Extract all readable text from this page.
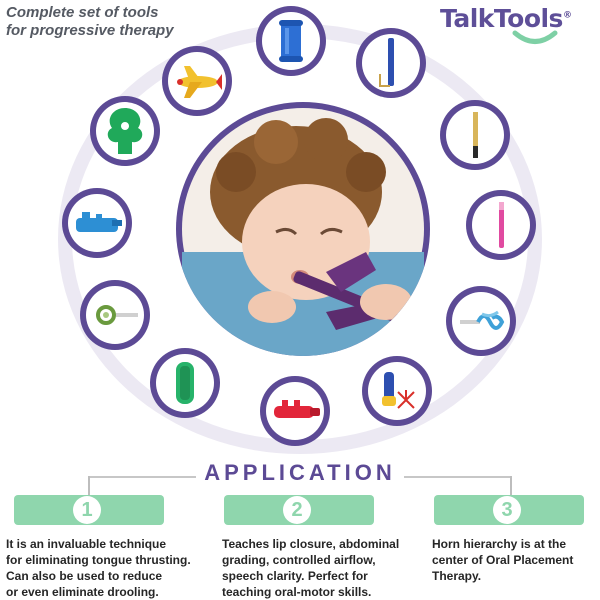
Complete set of tools
for progressive therapy	TalkTools®
APPLICATION
1	2	3
It is an invaluable technique
for eliminating tongue thrusting.
Can also be used to reduce
or even eliminate drooling.
Teaches lip closure, abdominal
grading, controlled airflow,
speech clarity. Perfect for
teaching oral-motor skills.
Horn hierarchy is at the
center of Oral Placement
Therapy.
